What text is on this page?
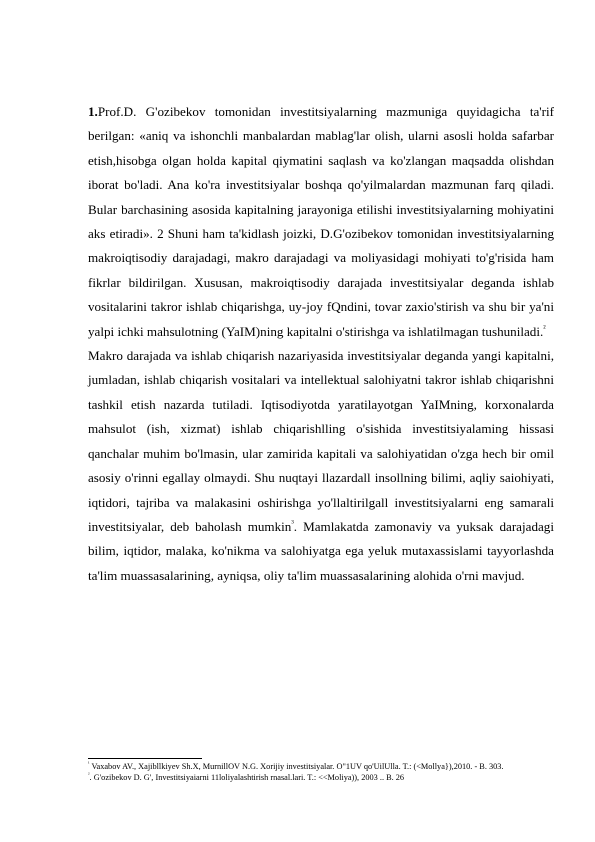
1.Prof.D. G'ozibekov tomonidan investitsiyalarning mazmuniga quyidagicha ta'rif berilgan: «aniq va ishonchli manbalardan mablag'lar olish, ularni asosli holda safarbar etish,hisobga olgan holda kapital qiymatini saqlash va ko'zlangan maqsadda olishdan iborat bo'ladi. Ana ko'ra investitsiyalar boshqa qo'yilmalardan mazmunan farq qiladi. Bular barchasining asosida kapitalning jarayoniga etilishi investitsiyalarning mohiyatini aks etiradi». 2 Shuni ham ta'kidlash joizki, D.G'ozibekov tomonidan investitsiyalarning makroiqtisodiy darajadagi, makro darajadagi va moliyasidagi mohiyati to'g'risida ham fikrlar bildirilgan. Xususan, makroiqtisodiy darajada investitsiyalar deganda ishlab vositalarini takror ishlab chiqarishga, uy-joy fQndini, tovar zaxio'stirish va shu bir ya'ni yalpi ichki mahsulotning (YaIM)ning kapitalni o'stirishga va ishlatilmagan tushuniladi.$^{^2}$

Makro darajada va ishlab chiqarish nazariyasida investitsiyalar deganda yangi kapitalni, jumladan, ishlab chiqarish vositalari va intellektual salohiyatni takror ishlab chiqarishni tashkil etish nazarda tutiladi. Iqtisodiyotda yaratilayotgan YaIMning, korxonalarda mahsulot (ish, xizmat) ishlab chiqarishlling o'sishida investitsiyalaming hissasi qanchalar muhim bo'lmasin, ular zamirida kapitali va salohiyatidan o'zga hech bir omil asosiy o'rinni egallay olmaydi. Shu nuqtayi llazardall insollning bilimi, aqliy saiohiyati, iqtidori, tajriba va malakasini oshirishga yo'llaltirilgall investitsiyalarni eng samarali investitsiyalar, deb baholash mumkin$^{^3}$. Mamlakatda zamonaviy va yuksak darajadagi bilim, iqtidor, malaka, ko'nikma va salohiyatga ega yeluk mutaxassislami tayyorlashda ta'lim muassasalarining, ayniqsa, oliy ta'lim muassasalarining alohida o'rni mavjud.

$^{^1}$ Vaxabov AV., Xajibllkiyev Sh.X, MurnillOV N.G. Xorijiy investitsiyalar. O"1UV qo'UilUlla. T.: (<Mollya}),2010. - B. 303.

$^{^2}$. G'ozibekov D. G', Investitsiyaiarni 11loliyalashtirish rnasal.lari. T.: <<Moliya)), 2003 .. B. 26
